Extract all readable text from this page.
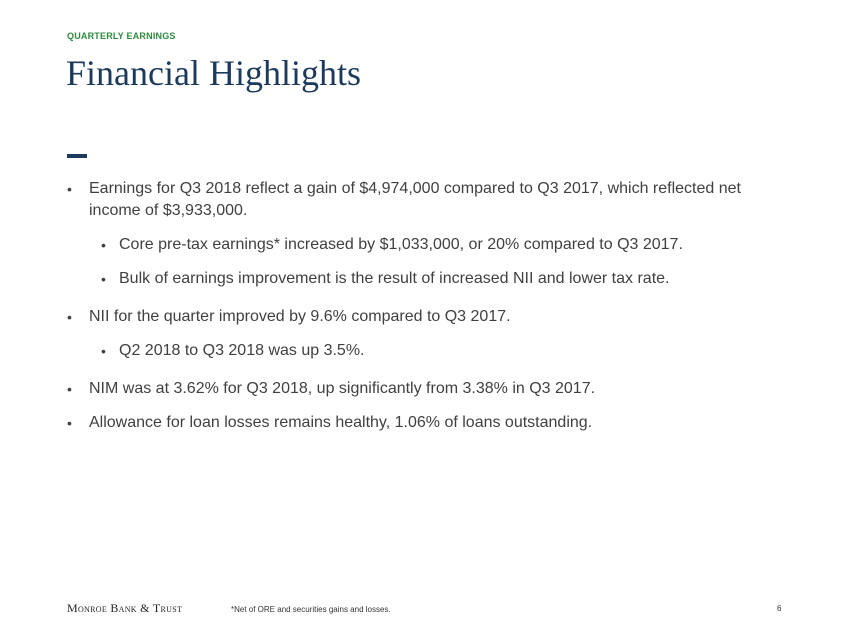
QUARTERLY EARNINGS
Financial Highlights

• Earnings for Q3 2018 reflect a gain of $4,974,000 compared to Q3 2017, which reflected net income of $3,933,000.

• Core pre-tax earnings* increased by $1,033,000, or 20% compared to Q3 2017.

• Bulk of earnings improvement is the result of increased NII and lower tax rate.

• NII for the quarter improved by 9.6% compared to Q3 2017.

• Q2 2018 to Q3 2018 was up 3.5%.

• NIM was at 3.62% for Q3 2018, up significantly from 3.38% in Q3 2017.

• Allowance for loan losses remains healthy, 1.06% of loans outstanding.

Monroe Bank & Trust	*Net of ORE and securities gains and losses.	6
